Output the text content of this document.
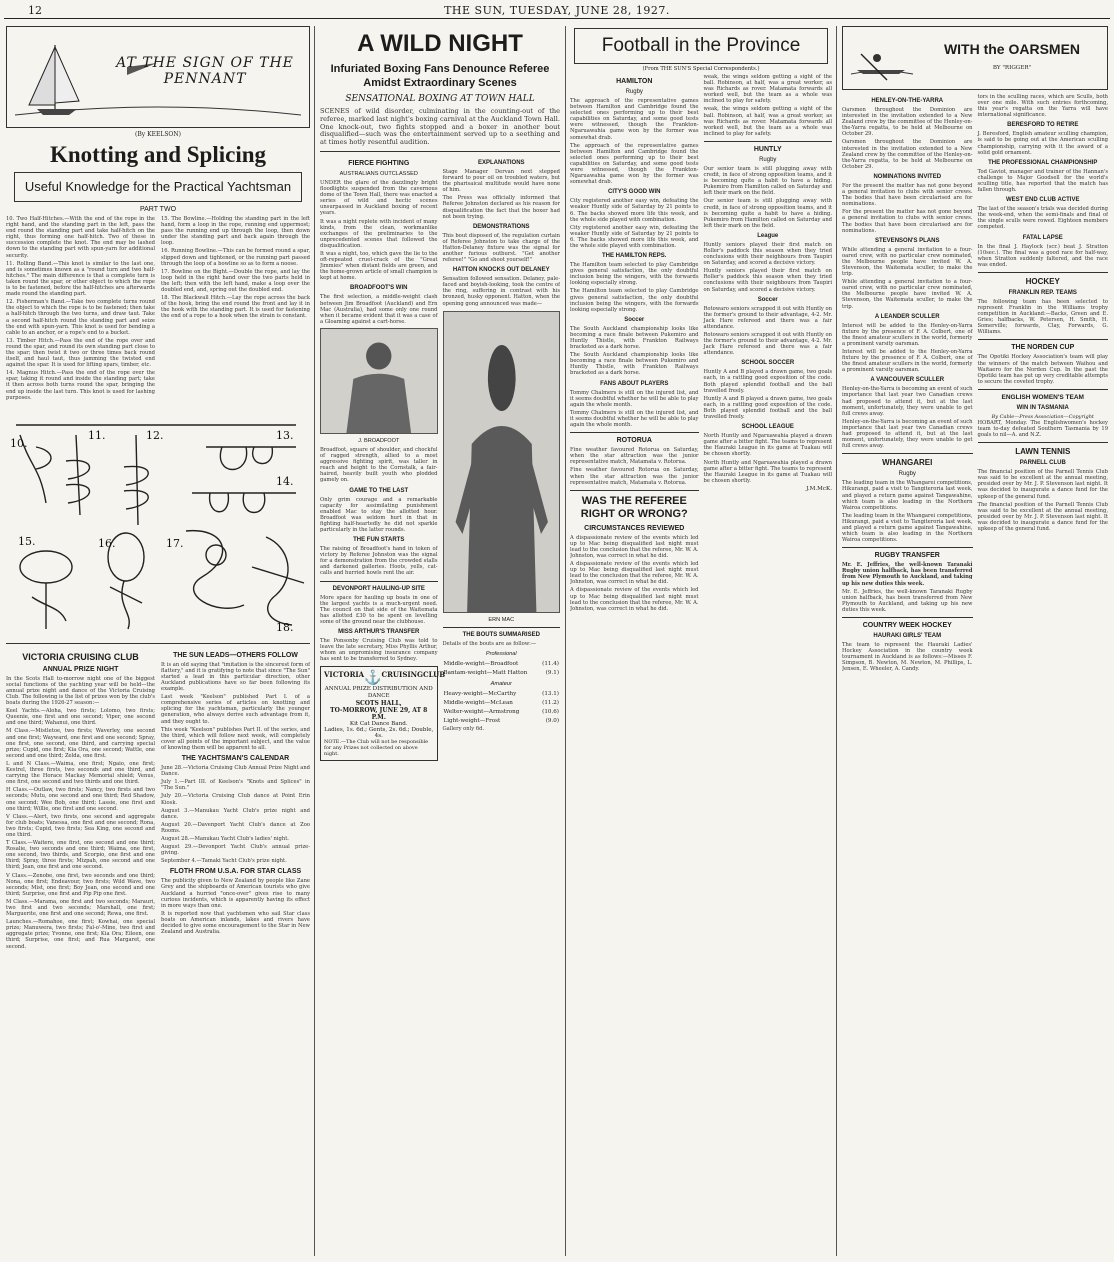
12	THE SUN, TUESDAY, JUNE 28, 1927.
AT THE SIGN OF THE PENNANT
(By KEELSON)
Knotting and Splicing
Useful Knowledge for the Practical Yachtsman
PART TWO

10. Two Half-Hitches.—With the end of the rope in the right hand, and the standing part in the left, pass the end round the standing part and take half-hitch on the right, thus forming one half-hitch. Two of these in succession complete the knot. The end may be lashed down to the standing part with spun-yarn for additional security.

11. Rolling Band.—This knot is similar to the last one, and is sometimes known as a "round turn and two half-hitches." The main difference is that a complete turn is taken round the spar, or other object to which the rope is to be fastened, before the half-hitches are afterwards made round the standing part.

12. Fisherman's Band.—Take two complete turns round the object to which the rope is to be fastened; then take a half-hitch through the two turns, and draw taut. Take a second half-hitch round the standing part and seize the end with spun-yarn. This knot is used for bending a cable to an anchor, or a rope's end to a bucket.

13. Timber Hitch.—Pass the end of the rope over and round the spar, and round its own standing part close to the spar; then twist it two or three times back round itself, and haul taut, thus jamming the twisted end against the spar. It is used for lifting spars, timber, etc.

14. Magnus Hitch.—Pass the end of the rope over the spar, taking it round and inside the standing part; take it then across both turns round the spar, bringing the end up inside the last turn. This knot is used for lashing purposes.

15. The Bowline.—Holding the standing part in the left hand, form a loop in the rope, running end uppermost; pass the running end up through the loop, then down under the standing part and back again through the loop.

16. Running Bowline.—This can be formed round a spar, slipped down and tightened, or the running part passed through the loop of a bowline so as to form a noose.

17. Bowline on the Bight.—Double the rope, and lay the loop held in the right hand over the two parts held in the left; then with the left hand, make a loop over the doubled end, and, spring out the doubled end.

18. The Blackwall Hitch.—Lay the rope across the back of the hook, bring the end round the front and lay it in the hook with the standing part. It is used for fastening the end of a rope to a hook when the strain is constant.

10.
11.	12.	13.
14.
15.	16.	17.
18.
VICTORIA CRUISING CLUB
ANNUAL PRIZE NIGHT

In the Scots Hall to-morrow night one of the biggest social functions of the yachting year will be held—the annual prize night and dance of the Victoria Cruising Club. The following is the list of prizes won by the club's boats during the 1926-27 season:—

Keel Yachts.—Aloha, two firsts; Lolomo, two firsts; Queenie, one first and one second; Viper, one second and one third; Wahanui, one third.

M Class.—Mistletoe, two firsts; Waverley, one second and one first; Wayward, one first and one second; Spray, one first, one second, one third, and carrying special prize; Cupid, one first; Kia Ora, one second; Wattle, one second and one third; Zelda, one first.

L and N Class.—Waima, one first; Ngaio, one first; Kestrel, three firsts, two seconds and one third, and carrying the Horace Mackay Memorial shield; Venus, one first, one second and two thirds and one third.

H Class.—Outlaw, two firsts; Nancy, two firsts and two seconds; Mutu, one second and one third; Red Shadow, one second; Wee Bob, one third; Lassie, one first and one third; Willie, one first and one second.

V Class.—Alert, two firsts, one second and aggregate for club boats; Vanessa, one first and one second; Rona, two firsts; Cupid, two firsts; Sea King, one second and one third.

T Class.—Waitere, one first, one second and one third; Rosalie, two seconds and one third; Waima, one first, one second, two thirds, and Scorpio, one first and one third; Spray, three firsts; Mizpah, one second and one third; Jean, one first and one second.

V Class.—Zenobe, one first, two seconds and one third; Nona, one first; Endeavour, two firsts; Wild Wave, two seconds; Mist, one first; Boy Jean, one second and one third; Surprise, one first and Pip Pip one first.

M Class.—Marama, one first and two seconds; Marauri, two first and two seconds; Marshall, one first; Marguerite, one first and one second; Rewa, one first.

Launches.—Romahoe, one first; Kowhai, one special prize; Manuwera, two firsts; Fal-o'-Mine, two first and aggregate prize; Yvonne, one first; Kia Ora; Eileen, one third; Surprise, one first; and Rua Margaret, one second.

THE SUN LEADS—OTHERS FOLLOW

It is an old saying that "imitation is the sincerest form of flattery," and it is gratifying to note that since "The Sun" started a lead in this particular direction, other Auckland publications have so far been following its example.

Last week "Keelson" published Part I. of a comprehensive series of articles on knotting and splicing for the yachtsman, particularly the younger generation, who always derive such advantage from it, and they ought to.

This week "Keelson" publishes Part II. of the series, and the third, which will follow next week, will completely cover all points of the important subject, and the value of knowing them will be apparent to all.

THE YACHTSMAN'S CALENDAR

June 28.—Victoria Cruising Club Annual Prize Night and Dance.

July 1.—Part III. of Keelson's "Knots and Splices" in "The Sun."

July 20.—Victoria Cruising Club dance at Point Erin Kiosk.

August 3.—Manukau Yacht Club's prize night and dance.

August 20.—Davenport Yacht Club's dance at Zoo Rooms.

August 28.—Manukau Yacht Club's ladies' night.

August 29.—Devonport Yacht Club's annual prize-giving.

September 4.—Tamaki Yacht Club's prize night.

FLOTH FROM U.S.A. FOR STAR CLASS

The publicity given to New Zealand by people like Zane Grey and the shipboards of American tourists who give Auckland a hurried "once-over" gives rise to many curious incidents, which is apparently having its effect in more ways than one.

It is reported now that yachtsmen who sail Star class boats on American inlands, lakes and rivers have decided to give some encouragement to the Star in New Zealand and Australia.

A WILD NIGHT
Infuriated Boxing Fans Denounce Referee Amidst Extraordinary Scenes
SENSATIONAL BOXING AT TOWN HALL

SCENES of wild disorder, culminating in the counting-out of the referee, marked last night's boxing carnival at the Auckland Town Hall. One knock-out, two fights stopped and a boxer in another bout disqualified—such was the entertainment served up to a seething and at times hotly resentful audition.

FIERCE FIGHTING
AUSTRALIANS OUTCLASSED

UNDER the glare of the dazzlingly bright floodlights suspended from the cavernous dome of the Town Hall, there was enacted a series of wild and hectic scenes unsurpassed in Auckland boxing of recent years.

It was a night replete with incident of many kinds, from the clean, workmanlike exchanges of the preliminaries to the unprecedented scenes that followed the disqualification.

It was a night, too, which gave the lie to the oft-repeated cruel-crack of the "Great Jimmies" when distant fields are green, and the home-grown article of small champion is kept at home.

BROADFOOT'S WIN

The first selection, a middle-weight clash between Jim Broadfoot (Auckland) and Ern Mac (Australia), had some only one round when it became evident that it was a case of a Gloaming against a cart-horse.

J. BROADFOOT

Broadfoot, square of shoulder, and chockful of ragged strength, allied to a most aggressive fighting spirit, was taller in reach and height to the Cornstalk, a fair-haired, heavily built youth who plodded gamely on.

GAME TO THE LAST

Only grim courage and a remarkable capacity for assimilating punishment enabled Mac to stay the allotted hour. Broadfoot was seldom hurt in that in fighting half-heartedly he did not sparkle particularly in the latter rounds.

THE FUN STARTS

The raising of Broadfoot's hand in token of victory by Referee Johnston was the signal for a demonstration from the crowded stalls and darkened galleries. Hoots, yells, cat-calls and hurried howls rent the air.

DEVONPORT HAULING-UP SITE

More space for hauling up boats in one of the largest yachts is a much-urgent need. The council on that side of the Waitemata has allotted £30 to be spent on levelling some of the ground near the clubhouse.

MISS ARTHUR'S TRANSFER

The Ponsonby Cruising Club was told to leave the late secretary, Miss Phyllis Arthur, whom an unpromising insurance company has sent to be transferred to Sydney.

VICTORIA ⚓ CRUISING CLUB
ANNUAL PRIZE DISTRIBUTION AND DANCE
SCOTS HALL,
TO-MORROW, JUNE 29, AT 8 P.M.
Kit Cat Dance Band.
Ladies, 1s. 6d.; Gents, 2s. 6d.; Double, 4s.
NOTE.—The Club will not be responsible for any Prizes not collected on above night.
EXPLANATIONS

Stage Manager Dervan next stepped forward to pour oil on troubled waters, but the pharisaical multitude would have none of him.

The Press was officially informed that Referee Johnston declared as his reason for disqualification the fact that the boxer had not been trying.

DEMONSTRATIONS

This bout disposed of, the regulation curtain of Referee Johnston to take charge of the Hatton-Delaney fixture was the signal for another furious outburst. "Get another referee!" "Go and shoot yourself!"

HATTON KNOCKS OUT DELANEY

Sensation followed sensation. Delaney, pale-faced and boyish-looking, took the centre of the ring, suffering in contrast with his bronzed, husky opponent. Hatton, when the opening gong announced was made—

ERN MAC
THE BOUTS SUMMARISED

Details of the bouts are as follow:—

Professional
Middle-weight—Broadfoot	(11.4)
Bantam-weight—Matt Hatton	(9.1)
Amateur
Heavy-weight—McCarthy	(13.1)
Middle-weight—McLean	(11.2)
Welter-weight—Armstrong	(10.6)
Light-weight—Frost	(9.0)

Gallery only 6d.

Football in the Province
(From THE SUN'S Special Correspondents.)
HAMILTON
Rugby

The approach of the representative games between Hamilton and Cambridge found the selected ones performing up to their best capabilities on Saturday, and some good tests were witnessed, though the Frankton-Ngaruawahia game won by the former was somewhat drab.

The approach of the representative games between Hamilton and Cambridge found the selected ones performing up to their best capabilities on Saturday, and some good tests were witnessed, though the Frankton-Ngaruawahia game won by the former was somewhat drab.

CITY'S GOOD WIN

City registered another easy win, defeating the weaker Huntly side of Saturday by 21 points to 6. The backs showed more life this week, and the whole side played with combination.

City registered another easy win, defeating the weaker Huntly side of Saturday by 21 points to 6. The backs showed more life this week, and the whole side played with combination.

THE HAMILTON REPS.

The Hamilton team selected to play Cambridge gives general satisfaction, the only doubtful inclusion being the wingers, with the forwards looking especially strong.

The Hamilton team selected to play Cambridge gives general satisfaction, the only doubtful inclusion being the wingers, with the forwards looking especially strong.

Soccer

The South Auckland championship looks like becoming a race finale between Pukemiro and Huntly Thistle, with Frankton Railways bracketed as a dark horse.

The South Auckland championship looks like becoming a race finale between Pukemiro and Huntly Thistle, with Frankton Railways bracketed as a dark horse.

FANS ABOUT PLAYERS

Tommy Chalmers is still on the injured list, and it seems doubtful whether he will be able to play again the whole month.

Tommy Chalmers is still on the injured list, and it seems doubtful whether he will be able to play again the whole month.

ROTORUA

Fine weather favoured Rotorua on Saturday, when the star attraction was the junior representative match, Matamata v. Rotorua.

Fine weather favoured Rotorua on Saturday, when the star attraction was the junior representative match, Matamata v. Rotorua.

WAS THE REFEREE RIGHT OR WRONG?
CIRCUMSTANCES REVIEWED

A dispassionate review of the events which led up to Mac being disqualified last night must lead to the conclusion that the referee, Mr. W. A. Johnston, was correct in what he did.

A dispassionate review of the events which led up to Mac being disqualified last night must lead to the conclusion that the referee, Mr. W. A. Johnston, was correct in what he did.

A dispassionate review of the events which led up to Mac being disqualified last night must lead to the conclusion that the referee, Mr. W. A. Johnston, was correct in what he did.

weak, the wings seldom getting a sight of the ball. Robinson, at half, was a great worker, as was Richards as rover. Matamata forwards all worked well, but the team as a whole was inclined to play for safety.

weak, the wings seldom getting a sight of the ball. Robinson, at half, was a great worker, as was Richards as rover. Matamata forwards all worked well, but the team as a whole was inclined to play for safety.

HUNTLY
Rugby

Our senior team is still plugging away with credit, in face of strong opposition teams, and it is becoming quite a habit to have a hiding. Pukemiro from Hamilton called on Saturday and left their mark on the field.

Our senior team is still plugging away with credit, in face of strong opposition teams, and it is becoming quite a habit to have a hiding. Pukemiro from Hamilton called on Saturday and left their mark on the field.

League

Huntly seniors played their first match on Roller's paddock this season when they tried conclusions with their neighbours from Taupiri on Saturday, and scored a decisive victory.

Huntly seniors played their first match on Roller's paddock this season when they tried conclusions with their neighbours from Taupiri on Saturday, and scored a decisive victory.

Soccer

Rotowaro seniors scrapped it out with Huntly on the former's ground to their advantage, 4-2. Mr. Jack Hare refereed and there was a fair attendance.

Rotowaro seniors scrapped it out with Huntly on the former's ground to their advantage, 4-2. Mr. Jack Hare refereed and there was a fair attendance.

SCHOOL SOCCER

Huntly A and B played a drawn game, two goals each, in a rattling good exposition of the code. Both played splendid football and the ball travelled freely.

Huntly A and B played a drawn game, two goals each, in a rattling good exposition of the code. Both played splendid football and the ball travelled freely.

SCHOOL LEAGUE

North Huntly and Ngaruawahia played a drawn game after a bitter fight. The teams to represent the Hauraki League in its game at Tuakau will be chosen shortly.

North Huntly and Ngaruawahia played a drawn game after a bitter fight. The teams to represent the Hauraki League in its game at Tuakau will be chosen shortly.

J.M.McK.
WITH the OARSMEN
BY "RIGGER"
HENLEY-ON-THE-YARRA

Oarsmen throughout the Dominion are interested in the invitation extended to a New Zealand crew by the committee of the Henley-on-the-Yarra regatta, to be held at Melbourne on October 29.

Oarsmen throughout the Dominion are interested in the invitation extended to a New Zealand crew by the committee of the Henley-on-the-Yarra regatta, to be held at Melbourne on October 29.

NOMINATIONS INVITED

For the present the matter has not gone beyond a general invitation to clubs with senior crews. The bodies that have been circularised are for nominations.

For the present the matter has not gone beyond a general invitation to clubs with senior crews. The bodies that have been circularised are for nominations.

STEVENSON'S PLANS

While attending a general invitation to a four-oared crew, with no particular crew nominated, the Melbourne people have invited W. A. Stevenson, the Waitemata sculler, to make the trip.

While attending a general invitation to a four-oared crew, with no particular crew nominated, the Melbourne people have invited W. A. Stevenson, the Waitemata sculler, to make the trip.

A LEANDER SCULLER

Interest will be added to the Henley-on-Yarra fixture by the presence of F. A. Colbert, one of the finest amateur scullers in the world, formerly a prominent varsity oarsman.

Interest will be added to the Henley-on-Yarra fixture by the presence of F. A. Colbert, one of the finest amateur scullers in the world, formerly a prominent varsity oarsman.

A VANCOUVER SCULLER

Henley-on-the-Yarra is becoming an event of such importance that last year two Canadian crews had proposed to attend it, but at the last moment, unfortunately, they were unable to get full crews away.

Henley-on-the-Yarra is becoming an event of such importance that last year two Canadian crews had proposed to attend it, but at the last moment, unfortunately, they were unable to get full crews away.

WHANGAREI
Rugby

The leading team in the Whangarei competitions, Hikurangi, paid a visit to Tangiteroria last week, and played a return game against Tangawahine, which team is also leading in the Northern Wairoa competitions.

The leading team in the Whangarei competitions, Hikurangi, paid a visit to Tangiteroria last week, and played a return game against Tangawahine, which team is also leading in the Northern Wairoa competitions.

RUGBY TRANSFER

Mr. E. Jeffries, the well-known Taranaki Rugby union halfback, has been transferred from New Plymouth to Auckland, and taking up his new duties this week.

Mr. E. Jeffries, the well-known Taranaki Rugby union halfback, has been transferred from New Plymouth to Auckland, and taking up his new duties this week.

COUNTRY WEEK HOCKEY
HAURAKI GIRLS' TEAM

The team to represent the Hauraki Ladies' Hockey Association in the country week tournament in Auckland is as follows:—Misses F. Simpson, B. Newton, M. Newton, M. Phillips, L. Jensen, E. Wheeler, A. Candy.

tors in the sculling races, which are Sculls, both over one mile. With such entries forthcoming, this year's regatta on the Yarra will have international significance.

BERESFORD TO RETIRE

J. Beresford, English amateur sculling champion, is said to be going out at the American sculling championship, carrying with it the award of a solid gold ornament.

THE PROFESSIONAL CHAMPIONSHIP

Tod Gaviot, manager and trainer of the Hannan's challenge to Major Goodsell for the world's sculling title, has reported that the match has fallen through.

WEST END CLUB ACTIVE

The last of the season's trials was decided during the week-end, when the semi-finals and final of the single sculls were rowed. Eighteen members competed.

FATAL LAPSE

In the final J. Haylock (scr.) beat J. Stratton (10sec.). The final was a good race for half-way, when Stratton suddenly faltered, and the race was ended.

HOCKEY
FRANKLIN REP. TEAMS

The following team has been selected to represent Franklin in the Williams trophy competition in Auckland:—Backs, Green and E. Gries; halfbacks, W. Petersen, H. Smith, H. Somerville; forwards, Clay, Forwards, G. Williams.

THE NORDEN CUP

The Opotiki Hockey Association's team will play the winners of the match between Waihou and Waitaero for the Norden Cup. In the past the Opotiki team has put up very creditable attempts to secure the coveted trophy.

ENGLISH WOMEN'S TEAM
WIN IN TASMANIA
By Cable—Press Association—Copyright

HOBART, Monday. The Englishwomen's hockey team to-day defeated Southern Tasmania by 19 goals to nil—A. and N.Z.

LAWN TENNIS
PARNELL CLUB

The financial position of the Parnell Tennis Club was said to be excellent at the annual meeting, presided over by Mr. J. P. Stevenson last night. It was decided to inaugurate a dance fund for the upkeep of the general fund.

The financial position of the Parnell Tennis Club was said to be excellent at the annual meeting, presided over by Mr. J. P. Stevenson last night. It was decided to inaugurate a dance fund for the upkeep of the general fund.
